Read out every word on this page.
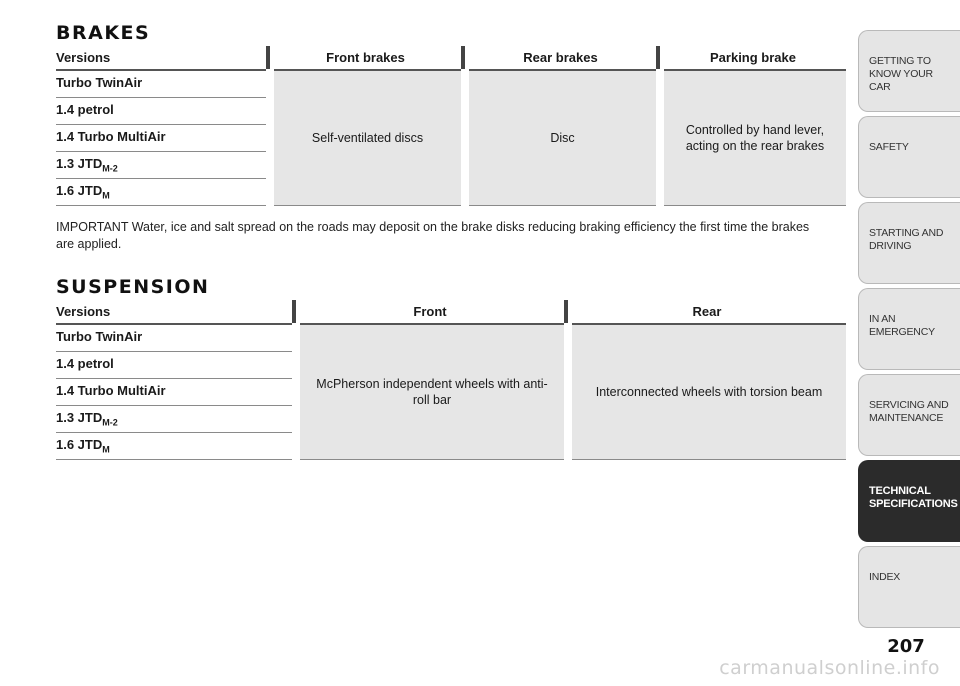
BRAKES
Versions		Front brakes		Rear brakes		Parking brake
Turbo TwinAir		Self-ventilated discs		Disc		Controlled by hand lever, acting on the rear brakes
1.4 petrol						
1.4 Turbo MultiAir						
1.3 $JTD_{M-2}$
1.6 $JTD_M$
IMPORTANT Water, ice and salt spread on the roads may deposit on the brake disks reducing braking efficiency the first time the brakes are applied.
SUSPENSION
Versions		Front		Rear
Turbo TwinAir		McPherson independent wheels with anti-roll bar		Interconnected wheels with torsion beam
1.4 petrol				
1.4 Turbo MultiAir				
1.3 $JTD_{M-2}$
1.6 $JTD_M$
GETTING TO KNOW YOUR CAR
SAFETY
STARTING AND DRIVING
IN AN EMERGENCY
SERVICING AND MAINTENANCE
TECHNICAL SPECIFICATIONS
INDEX
207
carmanualsonline.info
